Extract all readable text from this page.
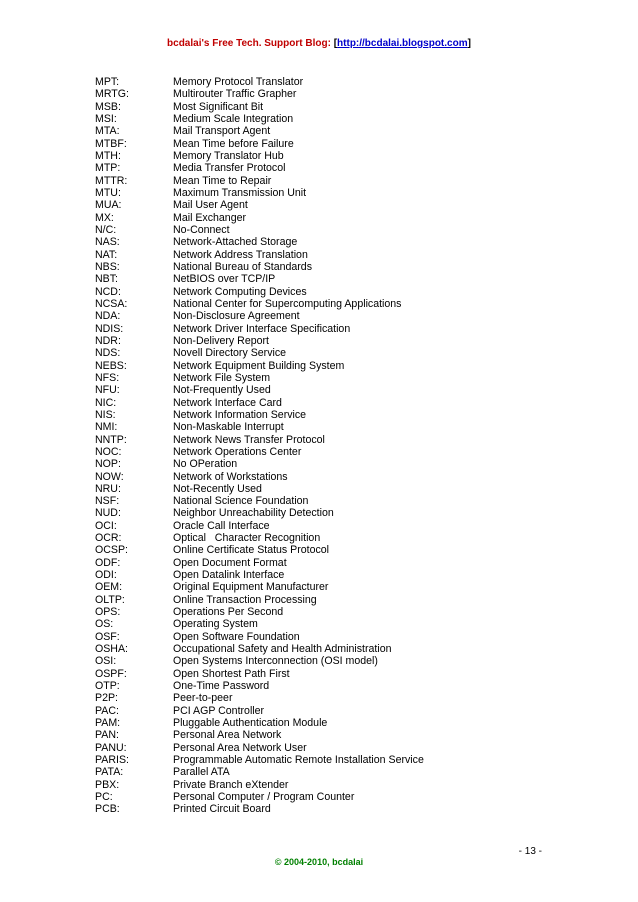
bcdalai's Free Tech. Support Blog: [http://bcdalai.blogspot.com]
MPT:	Memory Protocol Translator
MRTG:	Multirouter Traffic Grapher
MSB:	Most Significant Bit
MSI:	Medium Scale Integration
MTA:	Mail Transport Agent
MTBF:	Mean Time before Failure
MTH:	Memory Translator Hub
MTP:	Media Transfer Protocol
MTTR:	Mean Time to Repair
MTU:	Maximum Transmission Unit
MUA:	Mail User Agent
MX:	Mail Exchanger
N/C:	No-Connect
NAS:	Network-Attached Storage
NAT:	Network Address Translation
NBS:	National Bureau of Standards
NBT:	NetBIOS over TCP/IP
NCD:	Network Computing Devices
NCSA:	National Center for Supercomputing Applications
NDA:	Non-Disclosure Agreement
NDIS:	Network Driver Interface Specification
NDR:	Non-Delivery Report
NDS:	Novell Directory Service
NEBS:	Network Equipment Building System
NFS:	Network File System
NFU:	Not-Frequently Used
NIC:	Network Interface Card
NIS:	Network Information Service
NMI:	Non-Maskable Interrupt
NNTP:	Network News Transfer Protocol
NOC:	Network Operations Center
NOP:	No OPeration
NOW:	Network of Workstations
NRU:	Not-Recently Used
NSF:	National Science Foundation
NUD:	Neighbor Unreachability Detection
OCI:	Oracle Call Interface
OCR:	Optical   Character Recognition
OCSP:	Online Certificate Status Protocol
ODF:	Open Document Format
ODI:	Open Datalink Interface
OEM:	Original Equipment Manufacturer
OLTP:	Online Transaction Processing
OPS:	Operations Per Second
OS:	Operating System
OSF:	Open Software Foundation
OSHA:	Occupational Safety and Health Administration
OSI:	Open Systems Interconnection (OSI model)
OSPF:	Open Shortest Path First
OTP:	One-Time Password
P2P:	Peer-to-peer
PAC:	PCI AGP Controller
PAM:	Pluggable Authentication Module
PAN:	Personal Area Network
PANU:	Personal Area Network User
PARIS:	Programmable Automatic Remote Installation Service
PATA:	Parallel ATA
PBX:	Private Branch eXtender
PC:	Personal Computer / Program Counter
PCB:	Printed Circuit Board
- 13 -
© 2004-2010, bcdalai
